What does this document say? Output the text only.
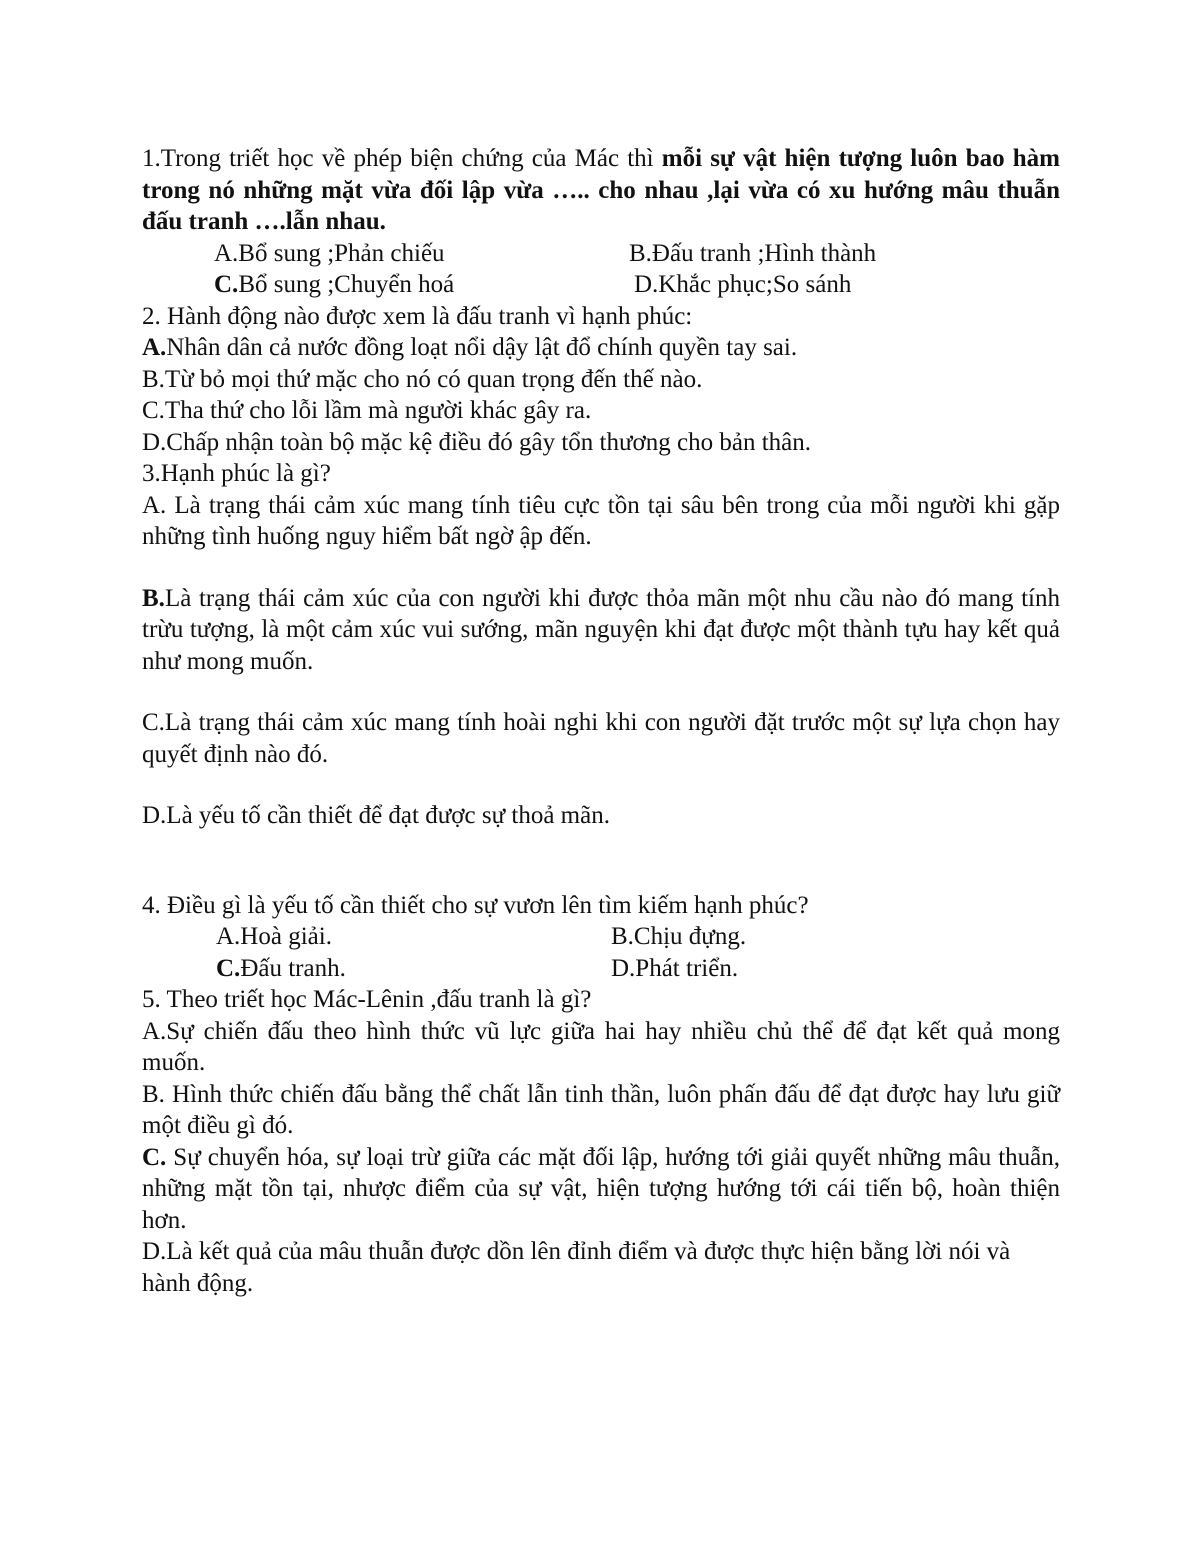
1.Trong triết học về phép biện chứng của Mác thì mỗi sự vật hiện tượng luôn bao hàm trong nó những mặt vừa đối lập vừa ….. cho nhau ,lại vừa có xu hướng mâu thuẫn đấu tranh ….lẫn nhau.

A.Bổ sung ;Phản chiếu	B.Đấu tranh ;Hình thành
C.Bổ sung ;Chuyển hoá	D.Khắc phục;So sánh

2. Hành động nào được xem là đấu tranh vì hạnh phúc:

A.Nhân dân cả nước đồng loạt nổi dậy lật đổ chính quyền tay sai.

B.Từ bỏ mọi thứ mặc cho nó có quan trọng đến thế nào.

C.Tha thứ cho lỗi lầm mà người khác gây ra.

D.Chấp nhận toàn bộ mặc kệ điều đó gây tổn thương cho bản thân.

3.Hạnh phúc là gì?

A. Là trạng thái cảm xúc mang tính tiêu cực tồn tại sâu bên trong của mỗi người khi gặp những tình huống nguy hiểm bất ngờ ập đến.

B.Là trạng thái cảm xúc của con người khi được thỏa mãn một nhu cầu nào đó mang tính trừu tượng, là một cảm xúc vui sướng, mãn nguyện khi đạt được một thành tựu hay kết quả như mong muốn.

C.Là trạng thái cảm xúc mang tính hoài nghi khi con người đặt trước một sự lựa chọn hay quyết định nào đó.

D.Là yếu tố cần thiết để đạt được sự thoả mãn.

4. Điều gì là yếu tố cần thiết cho sự vươn lên tìm kiếm hạnh phúc?

A.Hoà giải.	B.Chịu đựng.
C.Đấu tranh.	D.Phát triển.

5. Theo triết học Mác-Lênin ,đấu tranh là gì?

A.Sự chiến đấu theo hình thức vũ lực giữa hai hay nhiều chủ thể để đạt kết quả mong muốn.

B. Hình thức chiến đấu bằng thể chất lẫn tinh thần, luôn phấn đấu để đạt được hay lưu giữ một điều gì đó.

C. Sự chuyển hóa, sự loại trừ giữa các mặt đối lập, hướng tới giải quyết những mâu thuẫn, những mặt tồn tại, nhược điểm của sự vật, hiện tượng hướng tới cái tiến bộ, hoàn thiện hơn.

D.Là kết quả của mâu thuẫn được dồn lên đỉnh điểm và được thực hiện bằng lời nói và hành động.
